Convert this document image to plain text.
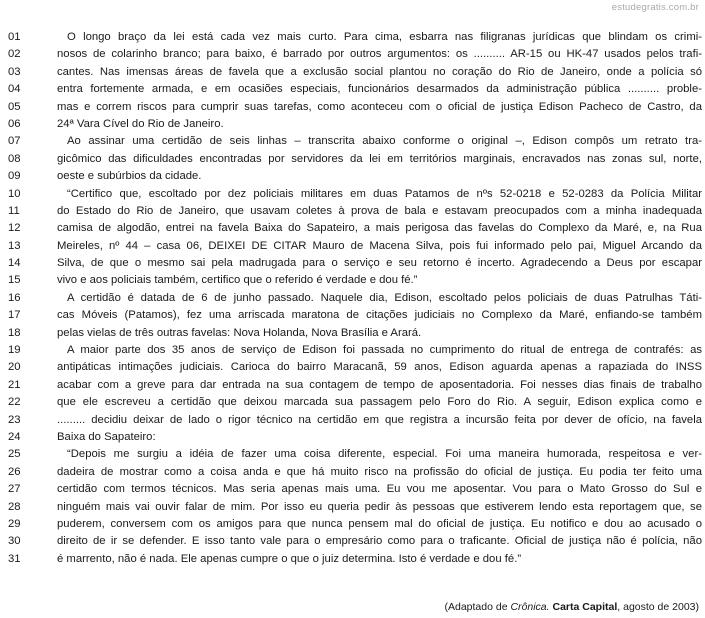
estudegratis.com.br
01	O longo braço da lei está cada vez mais curto. Para cima, esbarra nas filigranas jurídicas que blindam os crimi-
02	nosos de colarinho branco; para baixo, é barrado por outros argumentos: os .......... AR-15 ou HK-47 usados pelos trafi-
03	cantes. Nas imensas áreas de favela que a exclusão social plantou no coração do Rio de Janeiro, onde a polícia só
04	entra fortemente armada, e em ocasiões especiais, funcionários desarmados da administração pública .......... proble-
05	mas e correm riscos para cumprir suas tarefas, como aconteceu com o oficial de justiça Edison Pacheco de Castro, da
06	24ª Vara Cível do Rio de Janeiro.
07	Ao assinar uma certidão de seis linhas – transcrita abaixo conforme o original –, Edison compôs um retrato tra-
08	gicômico das dificuldades encontradas por servidores da lei em territórios marginais, encravados nas zonas sul, norte,
09	oeste e subúrbios da cidade.
10	“Certifico que, escoltado por dez policiais militares em duas Patamos de nºs 52-0218 e 52-0283 da Polícia Militar
11	do Estado do Rio de Janeiro, que usavam coletes à prova de bala e estavam preocupados com a minha inadequada
12	camisa de algodão, entrei na favela Baixa do Sapateiro, a mais perigosa das favelas do Complexo da Maré, e, na Rua
13	Meireles, nº 44 – casa 06, DEIXEI DE CITAR Mauro de Macena Silva, pois fui informado pelo pai, Miguel Arcando da
14	Silva, de que o mesmo sai pela madrugada para o serviço e seu retorno é incerto. Agradecendo a Deus por escapar
15	vivo e aos policiais também, certifico que o referido é verdade e dou fé.”
16	A certidão é datada de 6 de junho passado. Naquele dia, Edison, escoltado pelos policiais de duas Patrulhas Táti-
17	cas Móveis (Patamos), fez uma arriscada maratona de citações judiciais no Complexo da Maré, enfiando-se também
18	pelas vielas de três outras favelas: Nova Holanda, Nova Brasília e Arará.
19	A maior parte dos 35 anos de serviço de Edison foi passada no cumprimento do ritual de entrega de contrafés: as
20	antipáticas intimações judiciais. Carioca do bairro Maracanã, 59 anos, Edison aguarda apenas a rapaziada do INSS
21	acabar com a greve para dar entrada na sua contagem de tempo de aposentadoria. Foi nesses dias finais de trabalho
22	que ele escreveu a certidão que deixou marcada sua passagem pelo Foro do Rio. A seguir, Edison explica como e
23	......... decidiu deixar de lado o rigor técnico na certidão em que registra a incursão feita por dever de ofício, na favela
24	Baixa do Sapateiro:
25	“Depois me surgiu a idéia de fazer uma coisa diferente, especial. Foi uma maneira humorada, respeitosa e ver-
26	dadeira de mostrar como a coisa anda e que há muito risco na profissão do oficial de justiça. Eu podia ter feito uma
27	certidão com termos técnicos. Mas seria apenas mais uma. Eu vou me aposentar. Vou para o Mato Grosso do Sul e
28	ninguém mais vai ouvir falar de mim. Por isso eu queria pedir às pessoas que estiverem lendo esta reportagem que, se
29	puderem, conversem com os amigos para que nunca pensem mal do oficial de justiça. Eu notifico e dou ao acusado o
30	direito de ir se defender. E isso tanto vale para o empresário como para o traficante. Oficial de justiça não é polícia, não
31	é marrento, não é nada. Ele apenas cumpre o que o juiz determina. Isto é verdade e dou fé.”
(Adaptado de Crônica. Carta Capital, agosto de 2003)
